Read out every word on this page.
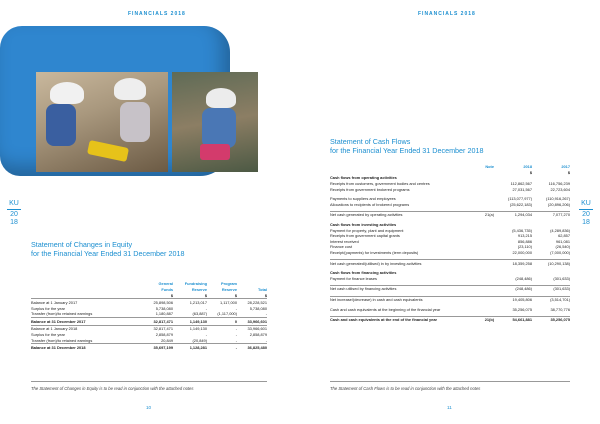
FINANCIALS 2018	FINANCIALS 2018
KU
20
18
KU
20
18
Statement of Changes in Equity
for the Financial Year Ended 31 December 2018
	General	Fundraising	Program	
	Funds	Reserve	Reserve	Total
	$	$	$	$
Balance at 1 January 2017	25,898,506	1,213,017	1,117,000	28,228,521
Surplus for the year	5,738,080	-	-	5,738,080
Transfer (from)/to retained earnings	1,180,887	(63,887)	(1,117,000)	-
Balance at 31 December 2017	32,817,471	1,149,130	0	33,966,601
Balance at 1 January 2018	32,817,471	1,149,130	-	33,966,601
Surplus for the year	2,858,879	-	-	2,858,879
Transfer (from)/to retained earnings	20,849	(20,849)	-	-
Balance at 31 December 2018	35,697,199	1,128,281	-	36,825,480
The Statement of Changes in Equity is to be read in conjunction with the attached notes
10
Statement of Cash Flows
for the Financial Year Ended 31 December 2018
	Note	2018	2017
		$	$
Cash flows from operating activities			
Receipts from customers, government bodies and centres		112,862,567	116,756,239
Receipts from government brokered programs		27,031,567	22,723,604

Payments to suppliers and employees		(113,077,977)	(110,916,267)
Allocations to recipients of brokered programs		(25,622,183)	(20,896,206)

Net cash generated by operating activities	21(a)	1,294,034	7,077,270

Cash flows from investing activities			
Payment for property, plant and equipment		(5,436,735)	(4,289,836)
Receipts from government capital grants		913,215	62,857
Interest received		856,886	961,081
Finance cost		(23,110)	(26,540)
Receipt/(payments) for investments (term deposits)		22,000,000	(7,000,000)

Net cash generated/(utilised) in by investing activities		18,359,258	(10,290,138)

Cash flows from financing activities			
Payment for finance leases		(248,486)	(301,633)

Net cash utilised by financing activities		(248,486)	(301,633)

Net increase/(decrease) in cash and cash equivalents		19,405,806	(3,514,701)

Cash and cash equivalents at the beginning of the financial year		35,256,075	38,770,776

Cash and cash equivalents at the end of the financial year	21(b)	54,661,881	35,256,075
The Statement of Cash Flows is to be read in conjunction with the attached notes
11
